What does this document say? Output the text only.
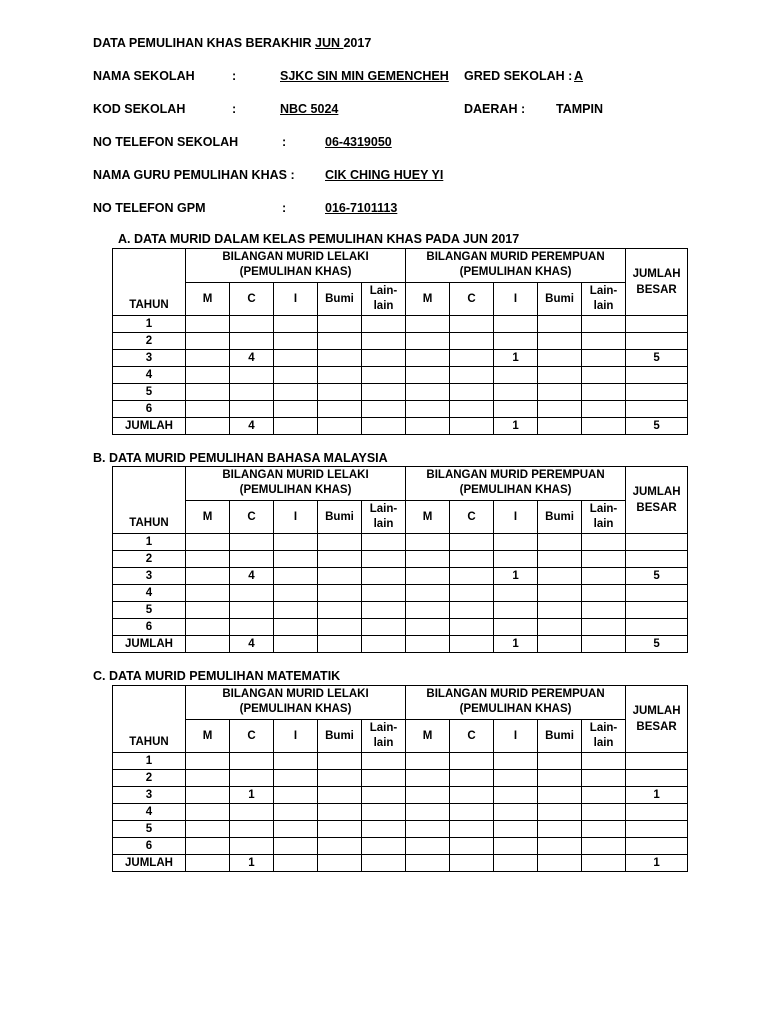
DATA PEMULIHAN KHAS BERAKHIR JUN 2017
NAMA SEKOLAH	:	SJKC SIN MIN GEMENCHEH GRED SEKOLAH : A
KOD SEKOLAH	:	NBC 5024	DAERAH : TAMPIN
NO TELEFON SEKOLAH	:	06-4319050
NAMA GURU PEMULIHAN KHAS : CIK CHING HUEY YI
NO TELEFON GPM	:	016-7101113
A. DATA MURID DALAM KELAS PEMULIHAN KHAS PADA JUN 2017
TAHUN	BILANGAN MURID LELAKI
(PEMULIHAN KHAS)					BILANGAN MURID PEREMPUAN
(PEMULIHAN KHAS)					JUMLAH
BESAR
	M	C	I	Bumi	Lain-
lain	M	C	I	Bumi	Lain-
lain	
1											
2											
3		4						1			5
4											
5											
6											
JUMLAH		4						1			5
B. DATA MURID PEMULIHAN BAHASA MALAYSIA
TAHUN	BILANGAN MURID LELAKI
(PEMULIHAN KHAS)					BILANGAN MURID PEREMPUAN
(PEMULIHAN KHAS)					JUMLAH
BESAR
	M	C	I	Bumi	Lain-
lain	M	C	I	Bumi	Lain-
lain	
1											
2											
3		4						1			5
4											
5											
6											
JUMLAH		4						1			5
C. DATA MURID PEMULIHAN MATEMATIK
TAHUN	BILANGAN MURID LELAKI
(PEMULIHAN KHAS)					BILANGAN MURID PEREMPUAN
(PEMULIHAN KHAS)					JUMLAH
BESAR
	M	C	I	Bumi	Lain-
lain	M	C	I	Bumi	Lain-
lain	
1											
2											
3		1									1
4											
5											
6											
JUMLAH		1									1
